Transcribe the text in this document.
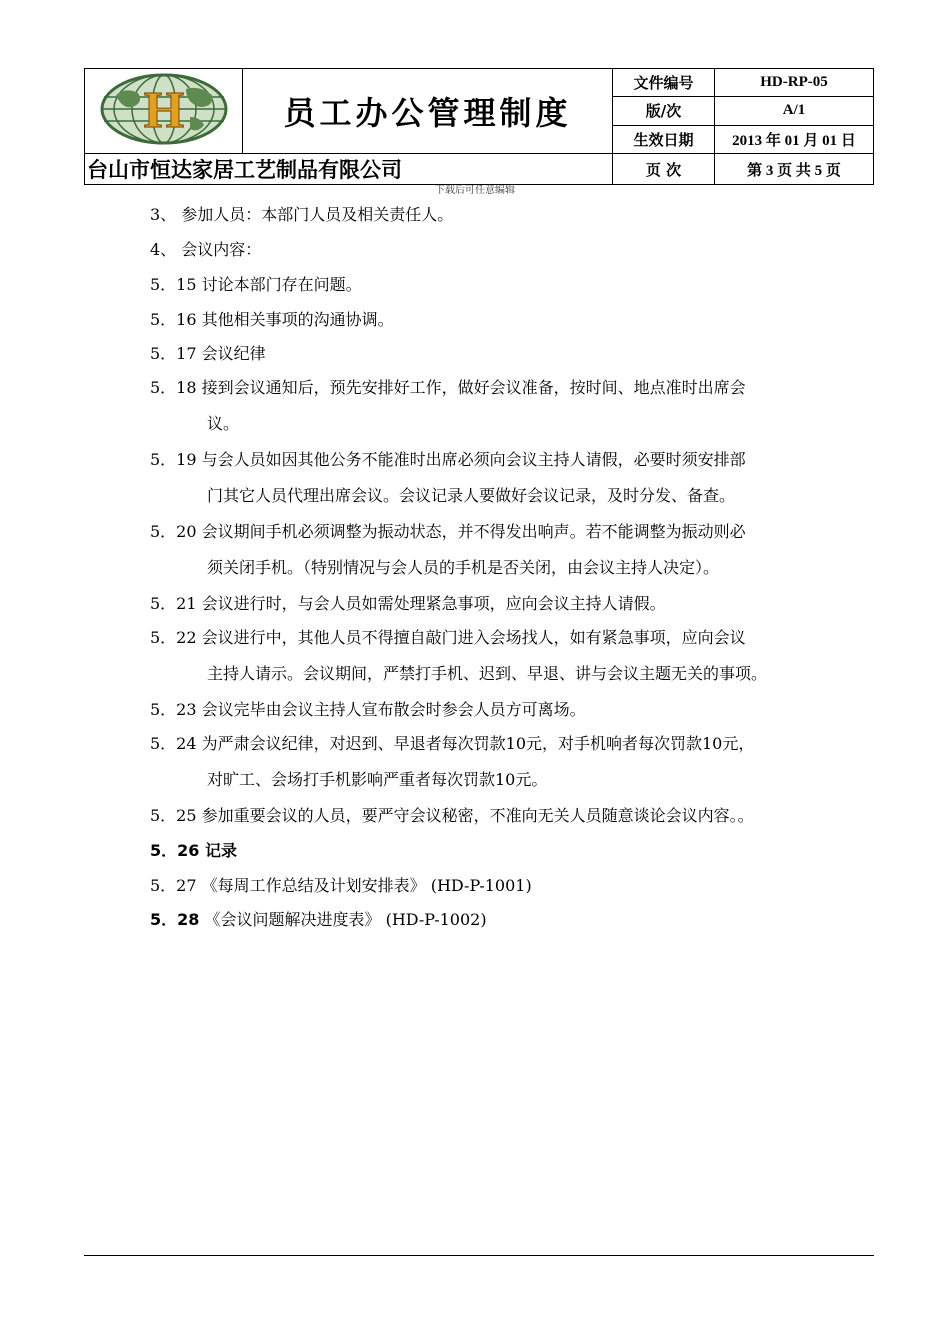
H	员工办公管理制度	文件编号	HD-RP-05
		版/次	A/1
		生效日期	2013 年 01 月 01 日
台山市恒达家居工艺制品有限公司		页 次	第 3 页 共 5 页
下载后可任意编辑
3、 参加人员：本部门人员及相关责任人。
4、 会议内容：
5．15 讨论本部门存在问题。
5．16 其他相关事项的沟通协调。
5．17 会议纪律
5．18 接到会议通知后，预先安排好工作，做好会议准备，按时间、地点准时出席会
议。
5．19 与会人员如因其他公务不能准时出席必须向会议主持人请假，必要时须安排部
门其它人员代理出席会议。会议记录人要做好会议记录，及时分发、备查。
5．20 会议期间手机必须调整为振动状态，并不得发出响声。若不能调整为振动则必
须关闭手机。（特别情况与会人员的手机是否关闭，由会议主持人决定）。
5．21 会议进行时，与会人员如需处理紧急事项，应向会议主持人请假。
5．22 会议进行中，其他人员不得擅自敲门进入会场找人，如有紧急事项，应向会议
主持人请示。会议期间，严禁打手机、迟到、早退、讲与会议主题无关的事项。
5．23 会议完毕由会议主持人宣布散会时参会人员方可离场。
5．24 为严肃会议纪律，对迟到、早退者每次罚款10元，对手机响者每次罚款10元，
对旷工、会场打手机影响严重者每次罚款10元。
5．25 参加重要会议的人员，要严守会议秘密，不准向无关人员随意谈论会议内容。。
5．26 记录
5．27 《每周工作总结及计划安排表》 (HD-P-1001)
5．28 《会议问题解决进度表》 (HD-P-1002)
